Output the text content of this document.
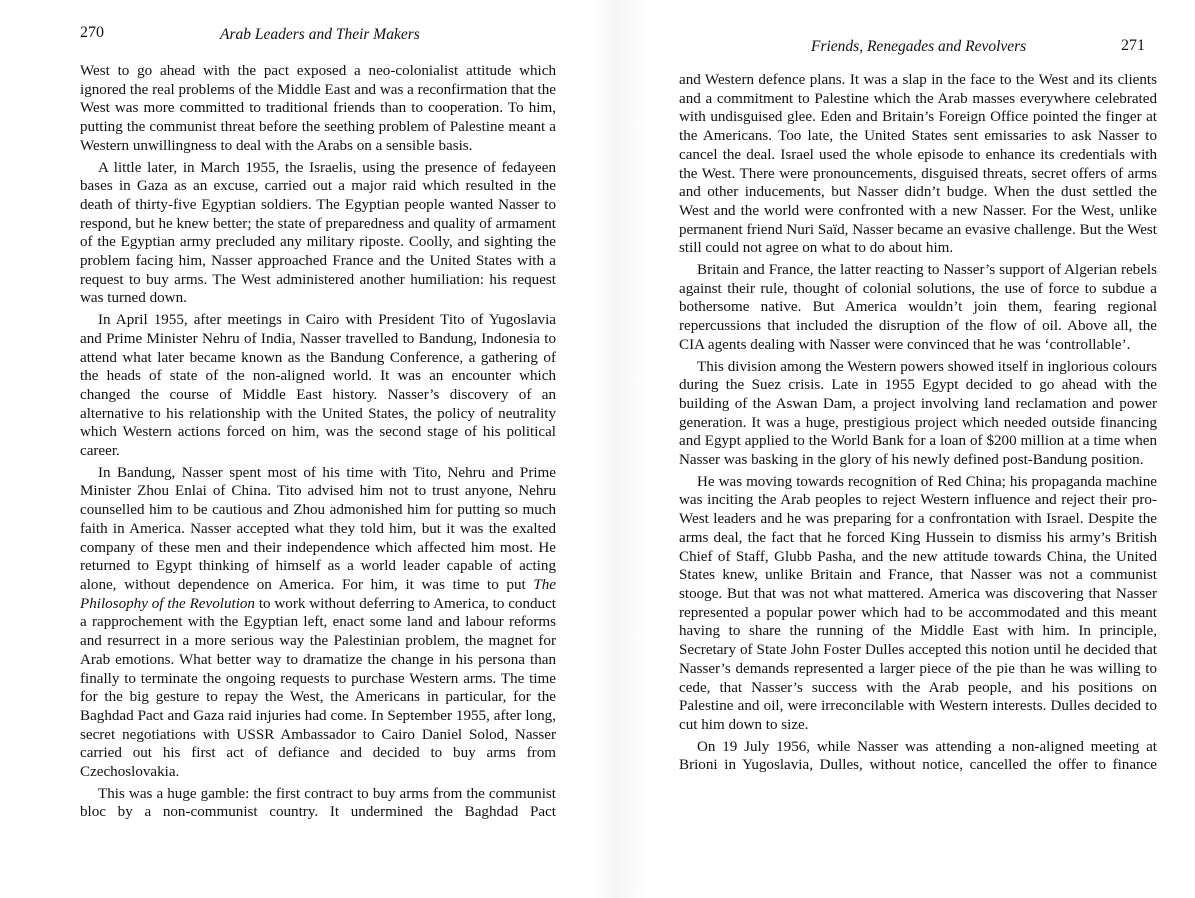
270	Arab Leaders and Their Makers

West to go ahead with the pact exposed a neo-colonialist attitude which ignored the real problems of the Middle East and was a reconfirmation that the West was more committed to traditional friends than to cooperation. To him, putting the communist threat before the seething problem of Palestine meant a Western unwillingness to deal with the Arabs on a sensible basis.

A little later, in March 1955, the Israelis, using the presence of fedayeen bases in Gaza as an excuse, carried out a major raid which resulted in the death of thirty-five Egyptian soldiers. The Egyptian people wanted Nasser to respond, but he knew better; the state of preparedness and quality of armament of the Egyptian army precluded any military riposte. Coolly, and sighting the problem facing him, Nasser approached France and the United States with a request to buy arms. The West administered another humiliation: his request was turned down.

In April 1955, after meetings in Cairo with President Tito of Yugoslavia and Prime Minister Nehru of India, Nasser travelled to Bandung, Indonesia to attend what later became known as the Bandung Conference, a gathering of the heads of state of the non-aligned world. It was an encounter which changed the course of Middle East history. Nasser’s discovery of an alternative to his relationship with the United States, the policy of neutrality which Western actions forced on him, was the second stage of his political career.

In Bandung, Nasser spent most of his time with Tito, Nehru and Prime Minister Zhou Enlai of China. Tito advised him not to trust anyone, Nehru counselled him to be cautious and Zhou admonished him for putting so much faith in America. Nasser accepted what they told him, but it was the exalted company of these men and their independence which affected him most. He returned to Egypt thinking of himself as a world leader capable of acting alone, without dependence on America. For him, it was time to put The Philosophy of the Revolution to work without deferring to America, to conduct a rapprochement with the Egyptian left, enact some land and labour reforms and resurrect in a more serious way the Palestinian problem, the magnet for Arab emotions. What better way to dramatize the change in his persona than finally to terminate the ongoing requests to purchase Western arms. The time for the big gesture to repay the West, the Americans in particular, for the Baghdad Pact and Gaza raid injuries had come. In September 1955, after long, secret negotiations with USSR Ambassador to Cairo Daniel Solod, Nasser carried out his first act of defiance and decided to buy arms from Czechoslovakia.

This was a huge gamble: the first contract to buy arms from the communist bloc by a non-communist country. It undermined the Baghdad Pact

Friends, Renegades and Revolvers	271

and Western defence plans. It was a slap in the face to the West and its clients and a commitment to Palestine which the Arab masses everywhere celebrated with undisguised glee. Eden and Britain’s Foreign Office pointed the finger at the Americans. Too late, the United States sent emissaries to ask Nasser to cancel the deal. Israel used the whole episode to enhance its credentials with the West. There were pronouncements, disguised threats, secret offers of arms and other inducements, but Nasser didn’t budge. When the dust settled the West and the world were confronted with a new Nasser. For the West, unlike permanent friend Nuri Saïd, Nasser became an evasive challenge. But the West still could not agree on what to do about him.

Britain and France, the latter reacting to Nasser’s support of Algerian rebels against their rule, thought of colonial solutions, the use of force to subdue a bothersome native. But America wouldn’t join them, fearing regional repercussions that included the disruption of the flow of oil. Above all, the CIA agents dealing with Nasser were convinced that he was ‘controllable’.

This division among the Western powers showed itself in inglorious colours during the Suez crisis. Late in 1955 Egypt decided to go ahead with the building of the Aswan Dam, a project involving land reclamation and power generation. It was a huge, prestigious project which needed outside financing and Egypt applied to the World Bank for a loan of $200 million at a time when Nasser was basking in the glory of his newly defined post-Bandung position.

He was moving towards recognition of Red China; his propaganda machine was inciting the Arab peoples to reject Western influence and reject their pro-West leaders and he was preparing for a confrontation with Israel. Despite the arms deal, the fact that he forced King Hussein to dismiss his army’s British Chief of Staff, Glubb Pasha, and the new attitude towards China, the United States knew, unlike Britain and France, that Nasser was not a communist stooge. But that was not what mattered. America was discovering that Nasser represented a popular power which had to be accommodated and this meant having to share the running of the Middle East with him. In principle, Secretary of State John Foster Dulles accepted this notion until he decided that Nasser’s demands represented a larger piece of the pie than he was willing to cede, that Nasser’s success with the Arab people, and his positions on Palestine and oil, were irreconcilable with Western interests. Dulles decided to cut him down to size.

On 19 July 1956, while Nasser was attending a non-aligned meeting at Brioni in Yugoslavia, Dulles, without notice, cancelled the offer to finance
